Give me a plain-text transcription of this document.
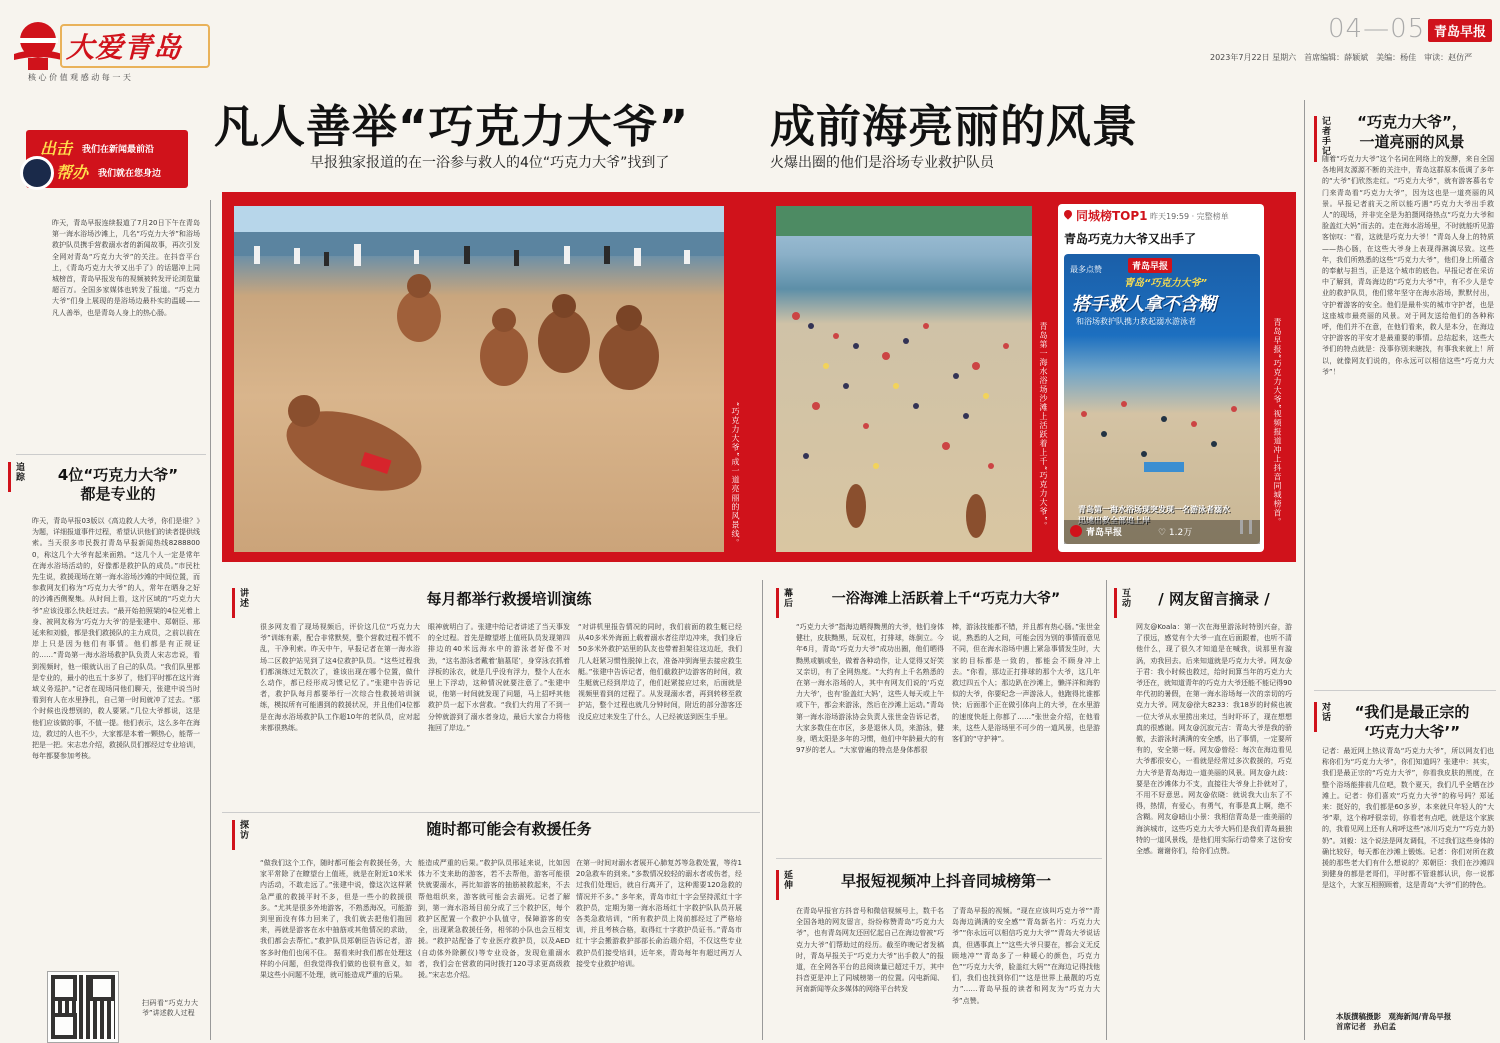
大爱青岛
核 心 价 值 观 感 动 每 一 天
04—05 青岛早报
2023年7月22日 星期六　首席编辑：薛颖斌　美编：杨佳　审读：赵仿严
凡人善举“巧克力大爷” 成前海亮丽的风景
早报独家报道的在一浴参与救人的4位“巧克力大爷”找到了	火爆出圈的他们是浴场专业救护队员
出击 我们在新闻最前沿
帮办 我们就在您身边
昨天，青岛早报连续报道了7月20日下午在青岛第一海水浴场沙滩上，几名“巧克力大爷”和浴场救护队员携手营救溺水者的新闻故事，再次引发全网对青岛“巧克力大爷”的关注。在抖音平台上，《青岛巧克力大爷又出手了》的话题冲上同城榜首，青岛早报发布的视频被转发评论浏览量超百万。全国多家媒体也转发了报道。“巧克力大爷”们身上展现的是浴场边最朴实的温暖——凡人善举，也是青岛人身上的热心肠。
追踪	4位“巧克力大爷”
都是专业的
昨天，青岛早报03版以《高边救人大爷，你们是谁？》为题，详细报道事件过程，希望认识他们的读者提供线索。当天很多市民拨打青岛早报新闻热线82888000，称这几个大爷有起来面熟。“这几个人一定是常年在海水浴场活动的，好像都是救护队的成员。”市民杜先生说，救援现场在第一海水浴场沙滩的中间位置，而参救网友们称为“巧克力大爷”的人，常年在晒身之好的沙滩西侧聚集。从时间上看，这片区域的“巧克力大爷”应该没那么快赶过去。“最开始拍照架的4位光着上身、被网友称为‘巧克力大爷’的是张建中、郑朝臣、邢延来和刘毅，都是我们救援队的主力成员，之前以前在岸上只是因为他们有事情。他们都是有正规证的……”青岛第一海水浴场救护队负责人宋志忠说，看到视频时，他一眼就认出了自己的队员。“我们队里都是专业的，最小的也五十多岁了，他们平时都在这片海域义务巡护。”记者在现场同他们聊天，张建中说当时看到有人在水里挣扎，自己第一时间就冲了过去。“那个时候也没想别的，救人要紧。”几位大爷都说，这是他们应该做的事，不值一提。他们表示，这么多年在海边，救过的人也不少，大家都是本着一颗热心，能帮一把是一把。宋志忠介绍，救援队员们都经过专业培训，每年都要参加考核。
扫码看“巧克力大爷”讲述救人过程
“巧克力大爷”成一道亮丽的风景线。	青岛第一海水浴场沙滩上活跃着上千“巧克力大爷”。
同城榜TOP1 昨天19:59 · 完整榜单
青岛巧克力大爷又出手了
最多点赞	青岛早报
青岛“巧克力大爷”
搭手救人拿不含糊
和浴场救护队携力救起溺水游泳者
青岛第一海水浴场现突发现一名游泳者溺水
迅速出救全部追上岸
青岛早报	♡ 1.2万
青岛早报“巧克力大爷”视频报道冲上抖音同城榜首。
讲述	每月都举行救援培训演练
很多网友看了现场视频后，评价这几位“巧克力大爷”训练有素，配合非常默契，整个营救过程不慌不乱，干净利索。昨天中午，早报记者在第一海水浴场二区救护站见到了这4位救护队员。“这些过程我们都演练过无数次了，谁该出现在哪个位置，做什么动作，都已经形成习惯记忆了。”张建中告诉记者，救护队每月都要举行一次综合性救援培训演练，模拟所有可能遇到的救援状况，并且他们4位都是在海水浴场救护队工作超10年的老队员，应对起来都很熟练。
眼神就明白了。张建中给记者讲述了当天事发的全过程。首先是瞭望塔上值班队员发现第四排边的40米远海水中的游泳者好像不对劲，“这名游泳者戴着‘脑墓尾’，身穿泳衣抓着浮板的泳衣，就是几乎没有浮力，整个人在水里上下浮动，这种情况就要注意了。”张建中说，他第一时间就发现了问题，马上招呼其他救护员一起下水营救。“我们大约用了不到一分钟就游到了溺水者身边，最后大家合力将他拖回了岸边。”
“对讲机里报告情况的同时，我们前面的救生艇已经从40多米外海面上载着溺水者往岸边冲来，我们身后50多米外救护站里的队友也带着担架往这边赶，我们几人赶紧习惯性脱掉上衣，准备冲到海里去接应救生艇。”张建中告诉记者，他们截救护边游客的时间，救生艇就已经到岸边了，他们赶紧接应过来，后面就是视频里看到的过程了。从发现溺水者，再到转移至救护站，整个过程也就几分钟时间，附近的部分游客还没反应过来发生了什么，人已经被送到医生手里。
探访	随时都可能会有救援任务
“做我们这个工作，随时都可能会有救援任务，大家平常除了在瞭望台上值班，就是在附近10米米内活动，不敢走远了。”张建中说，像这次这样紧急严重的救援平时不多，但是一些小的救援很多。“尤其是很多外地游客，不熟悉海况，可能游到里面没有体力回来了，我们就去把他们拖回来，再就是游客在水中抽筋或其他情况的求助，我们都会去帮忙。”救护队员郑朝臣告诉记者，游客多时他们也闲不住。 据看来时我们都在处理这样的小问题，但我觉得我们做的也很有意义，如果这些小问题不处理，就可能造成严重的后果。
能造成严重的后果。”救护队员邢延来说，比如因体力不支来助的游客，若不去帮他，游客可能很快就要溺水，再比如游客的抽筋被救起来，不去帮他组织来，游客就可能会去溺死。记者了解到，第一海水浴场目前分成了三个救护区，每个救护区配置一个救护小队值守，保障游客的安全，出现紧急救援任务，相邻的小队也会互相支援。“救护站配备了专业医疗救护员，以及AED(自动体外除颤仪)等专业设备，发现危重溺水者，我们会在营救的同时拨打120寻求更高级救援。”宋志忠介绍。
在第一时间对溺水者展开心肺复苏等急救处置，等待120急救车的到来。”多数情况较轻的溺水者或伤者，经过我们处理后，就自行离开了，这种需要120急救的情况并不多。” 多年来，青岛市红十字会坚持派红十字救护员，定期为第一海水浴场红十字救护队队员开展各类急救培训，“所有救护员上岗前都经过了严格培训，并且考核合格，取得红十字救护员证书。”青岛市红十字会搬游救护部部长俞治瑞介绍，不仅这些专业救护员们接受培训，近年来，青岛每年有超过两万人接受专业救护培训。
幕后	一浴海滩上活跃着上千“巧克力大爷”
“巧克力大爷”指海边晒得黝黑的大爷，他们身体健壮，皮肤黝黑，玩双杠，打排球，练倒立。今年6月，青岛“巧克力大爷”成功出圈，他们晒得黝黑或躺或坐，做着各种动作，让人觉得又好笑又亲切，有了全网热度。“大约有上千名熟悉的在第一海水浴场的人，其中有网友们说的‘巧克力大爷’，也有‘脸盖红大妈’，这些人每天或上午或下午，都会来游泳，然后在沙滩上运动。”青岛第一海水浴场游泳协会负责人张世金告诉记者，大家多数住在市区，多是退休人员，来游泳，健身，晒太阳是多年的习惯，他们中年龄最大的有97岁的老人。“大家曾遍的特点是身体都很
棒，游泳技能都不错，并且都有热心肠。”张世金说，熟悉的人之间，可能会因为别的事情而意见不同，但在海水浴场中遇上紧急事情发生时，大家的目标都是一致的，都能会不顾身冲上去。“你看，那边正打排球的那个大爷，这几年救过四五个人；那边趴在沙滩上，懒洋洋和海豹似的大爷，你要纪念一声游泳人，他跑得比谁都快；后面那个正在做引体向上的大爷，在水里游的速度快赶上你都了……”张世金介绍，在他看来，这些人是浴场里不可少的一道风景，也是游客们的“守护神”。
延伸	早报短视频冲上抖音同城榜第一
在青岛早报官方抖音号和微信视频号上，数千名全国各地的网友留言，纷纷称赞青岛“巧克力大爷”，也有青岛网友还回忆起自己在海边曾被“巧克力大爷”们帮助过的经历。截至昨晚记者发稿时，青岛早报关于“巧克力大爷”出手救人”的报道，在全网各平台的总阅读量已超过千万，其中抖音更是冲上了同城榜第一的位置。闪电新闻、河南新闻等众多媒体的网络平台转发
了青岛早报的视频。“现在应该叫巧克力爷”“青岛海边满满的安全感”“青岛新名片：巧克力大爷”“你永远可以相信巧克力大爷”“青岛大爷说话真，但遇事真上”“这些大爷只要在，都会义无反顾地冲”“青岛多了一种暖心的颜色，巧克力色”“巧克力大爷，脸盖红大妈”“在海边记得找他们，我们也找到你们”“这是世界上最靓的巧克力”……青岛早报的读者和网友为“巧克力大爷”点赞。
互动	/ 网友留言摘录 /
网友@Koala：第一次在海里游泳时特别兴奋，游了很远，感觉有个大爷一直在后面跟着，也听不清他什么，现了很久才知道是在喊我，说那里有漩涡，劝我回去。后来知道就是巧克力大爷。网友@于君：我小时候也救过，给时间算当年的巧克力大爷还在，就知道青年的巧克力大爷还能不能记得90年代初的暑假，在第一海水浴场每一次的亲切的巧克力大爷。网友@徐大8233：我18岁的时候也被一位大爷从水里捞出来过，当时吓坏了，现在想想真的很感谢。网友@沉寂元吉：青岛大爷是我的骄傲，去游泳时满满的安全感，出了事情，一定要所有的，安全第一呀。网友@曾经：每次在海边看见大爷都很安心，一看就是经常过多次救援的，巧克力大爷是青岛海边一道美丽的风景。网友@九歧：要是在沙滩体力不支，直接往大爷身上扑就对了，不用不好意思。网友@依晓：就说我大山东了不得，热情，有爱心，有勇气，有事是真上啊，绝不含糊。网友@暗山小景：我相信青岛是一座美丽的海滨城市，这些巧克力大爷大妈们是我们青岛最独特的一道风景线，是他们用实际行动带来了这份安全感。谢谢你们，给你们点赞。
记者手记	“巧克力大爷”，
一道亮丽的风景
随着“巧克力大爷”这个名词在网络上的发酵，来自全国各地网友源源不断的关注中，青岛这群原本低调了多年的“大爷”们欣然走红。“巧克力大爷”，就有游客慕名专门来青岛看“巧克力大爷”，因为这也是一道亮丽的风景。早报记者前天之所以能巧遇“巧克力大爷出手救人”的现场，并非完全是为拍摄网络热点“巧克力大爷和脸盖红大妈”而去的。走在海水浴场里，不时就能听见游客惊叹：“看，这就是巧克力大爷！”青岛人身上的特质——热心肠，在这些大爷身上表现得淋漓尽致。这些年，我们所熟悉的这些“巧克力大爷”，他们身上所蕴含的奉献与担当，正是这个城市的底色。早报记者在采访中了解到，青岛海边的“巧克力大爷”中，有不少人是专业的救护队员，他们常年坚守在海水浴场，默默付出，守护着游客的安全。他们是最朴实的城市守护者，也是这座城市最亮丽的风景。对于网友送给他们的各种称呼，他们并不在意，在他们看来，救人是本分，在海边守护游客的平安才是最重要的事情。总结起来，这些大爷们的特点就是：没事你别来瞎找，有事我来就上！所以，就像网友们说的，你永远可以相信这些“巧克力大爷”！
对话	“我们是最正宗的
‘巧克力大爷’”
记者：最近网上热议青岛“巧克力大爷”，所以网友们也称你们为“巧克力大爷”，你们知道吗？张建中：其实，我们是最正宗的“巧克力大爷”，你看我皮肤的黑度，在整个浴场能排前几位吧，数个夏天，我们几乎全晒在沙滩上。记者：你们喜欢“巧克力大爷”的称号吗？郑延来：挺好的，我们都是60多岁，本来就只年轻人的“大爷”辈，这个称呼很亲切，你看老有点吧，就是这个家族的，我看见网上还有人称呼这些“冰川巧克力”“巧克力奶奶”。刘毅：这个说法是网友调侃，不过我们这些身体的确比较好，每天都在沙滩上锻炼。记者：你们对所在救援的那些老大们有什么想说的？郑朝臣：我们在沙滩四到健身的都是老哥们，平时都不管谁都认识，你一说都是这个，大家互相照顾着，这是青岛“大爷”们的特色。
本版撰稿摄影　观海新闻/青岛早报
首席记者　孙启孟
